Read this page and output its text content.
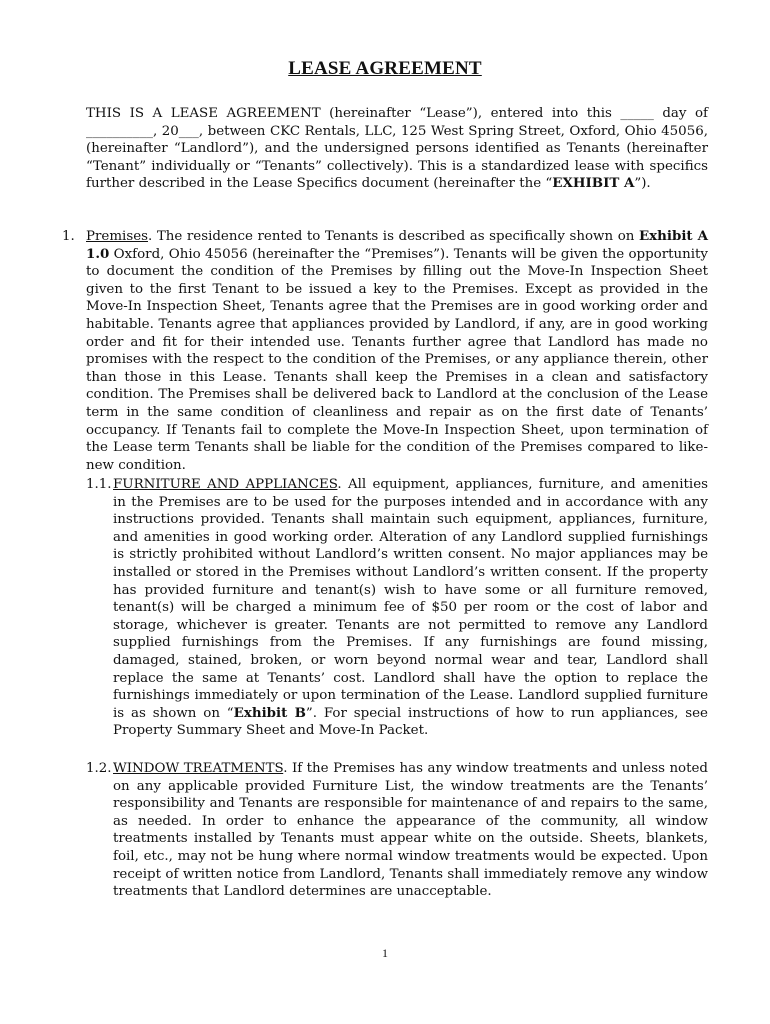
LEASE AGREEMENT

THIS IS A LEASE AGREEMENT (hereinafter “Lease”), entered into this _____ day of __________, 20___, between CKC Rentals, LLC, 125 West Spring Street, Oxford, Ohio 45056, (hereinafter “Landlord”), and the undersigned persons identified as Tenants (hereinafter “Tenant” individually or “Tenants” collectively). This is a standardized lease with specifics further described in the Lease Specifics document (hereinafter the “EXHIBIT A”).

1. Premises. The residence rented to Tenants is described as specifically shown on Exhibit A 1.0 Oxford, Ohio 45056 (hereinafter the “Premises”). Tenants will be given the opportunity to document the condition of the Premises by filling out the Move-In Inspection Sheet given to the first Tenant to be issued a key to the Premises. Except as provided in the Move-In Inspection Sheet, Tenants agree that the Premises are in good working order and habitable. Tenants agree that appliances provided by Landlord, if any, are in good working order and fit for their intended use. Tenants further agree that Landlord has made no promises with the respect to the condition of the Premises, or any appliance therein, other than those in this Lease. Tenants shall keep the Premises in a clean and satisfactory condition. The Premises shall be delivered back to Landlord at the conclusion of the Lease term in the same condition of cleanliness and repair as on the first date of Tenants’ occupancy. If Tenants fail to complete the Move-In Inspection Sheet, upon termination of the Lease term Tenants shall be liable for the condition of the Premises compared to like-new condition.

1.1. FURNITURE AND APPLIANCES. All equipment, appliances, furniture, and amenities in the Premises are to be used for the purposes intended and in accordance with any instructions provided. Tenants shall maintain such equipment, appliances, furniture, and amenities in good working order. Alteration of any Landlord supplied furnishings is strictly prohibited without Landlord’s written consent. No major appliances may be installed or stored in the Premises without Landlord’s written consent. If the property has provided furniture and tenant(s) wish to have some or all furniture removed, tenant(s) will be charged a minimum fee of $50 per room or the cost of labor and storage, whichever is greater. Tenants are not permitted to remove any Landlord supplied furnishings from the Premises. If any furnishings are found missing, damaged, stained, broken, or worn beyond normal wear and tear, Landlord shall replace the same at Tenants’ cost. Landlord shall have the option to replace the furnishings immediately or upon termination of the Lease. Landlord supplied furniture is as shown on “Exhibit B”. For special instructions of how to run appliances, see Property Summary Sheet and Move-In Packet.

1.2. WINDOW TREATMENTS. If the Premises has any window treatments and unless noted on any applicable provided Furniture List, the window treatments are the Tenants’ responsibility and Tenants are responsible for maintenance of and repairs to the same, as needed. In order to enhance the appearance of the community, all window treatments installed by Tenants must appear white on the outside. Sheets, blankets, foil, etc., may not be hung where normal window treatments would be expected. Upon receipt of written notice from Landlord, Tenants shall immediately remove any window treatments that Landlord determines are unacceptable.

1
